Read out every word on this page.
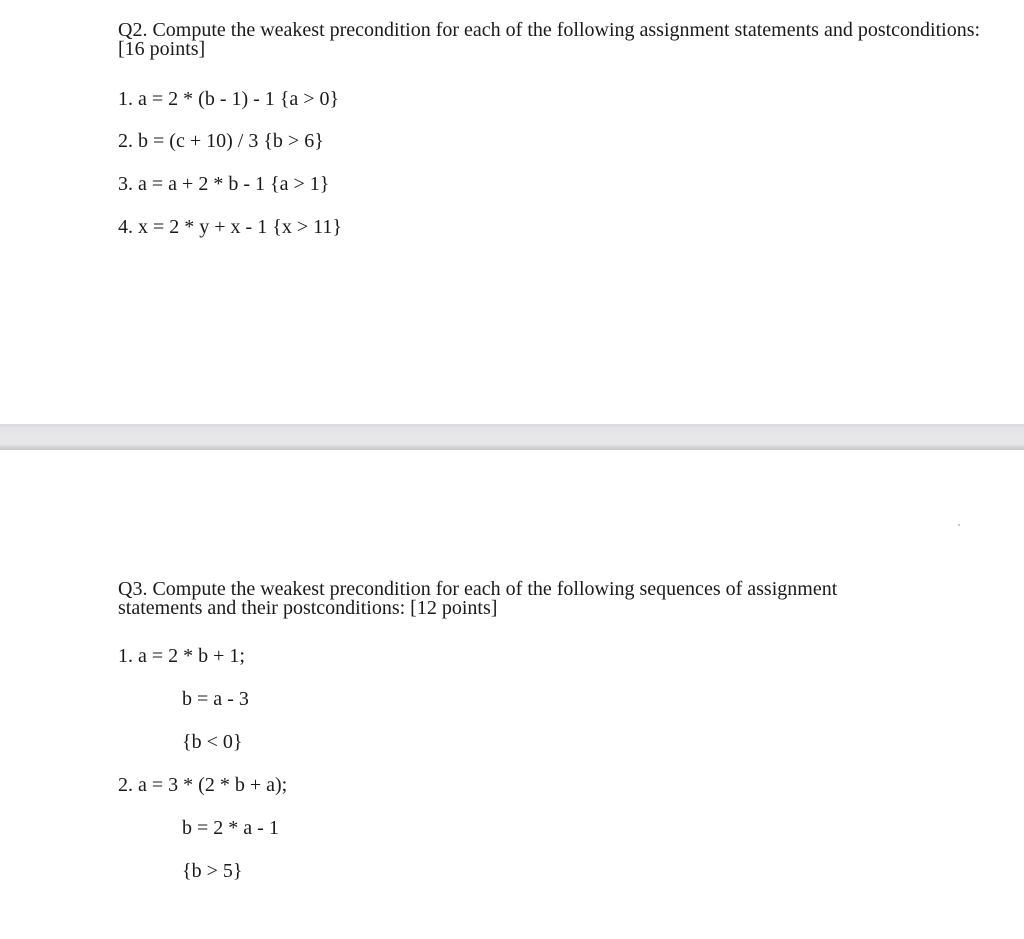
Q2. Compute the weakest precondition for each of the following assignment statements and postconditions: [16 points]

1. a = 2 * (b - 1) - 1 {a > 0}
2. b = (c + 10) / 3 {b > 6}
3. a = a + 2 * b - 1 {a > 1}
4. x = 2 * y + x - 1 {x > 11}

Q3. Compute the weakest precondition for each of the following sequences of assignment statements and their postconditions: [12 points]

1. a = 2 * b + 1;
b = a - 3
{b < 0}
2. a = 3 * (2 * b + a);
b = 2 * a - 1
{b > 5}
